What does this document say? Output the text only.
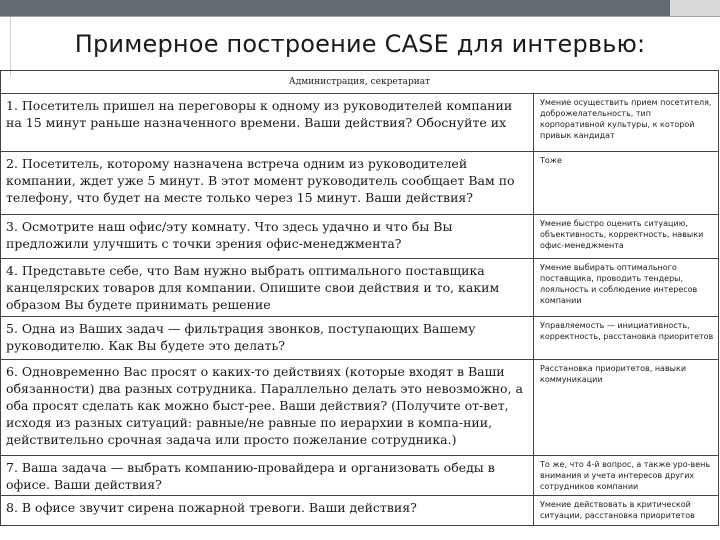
Примерное построение CASE для интервью:
Администрация, секретариат	
1. Посетитель пришел на переговоры к одному из руководителей компании на 15 минут раньше назначенного времени. Ваши действия? Обоснуйте их	Умение осуществить прием посетителя, доброжелательность, тип корпоративной культуры, к которой привык кандидат
2. Посетитель, которому назначена встреча одним из руководителей компании, ждет уже 5 минут. В этот момент руководитель сообщает Вам по телефону, что будет на месте только через 15 минут. Ваши действия?	Тоже
3. Осмотрите наш офис/эту комнату. Что здесь удачно и что бы Вы предложили улучшить с точки зрения офис-менеджмента?	Умение быстро оценить ситуацию, объективность, корректность, навыки офис-менеджмента
4. Представьте себе, что Вам нужно выбрать оптимального поставщика канцелярских товаров для компании. Опишите свои действия и то, каким образом Вы будете принимать решение	Умение выбирать оптимального поставщика, проводить тендеры, лояльность и соблюдение интересов компании
5. Одна из Ваших задач — фильтрация звонков, поступающих Вашему руководителю. Как Вы будете это делать?	Управляемость — инициативность, корректность, расстановка приоритетов
6. Одновременно Вас просят о каких-то действиях (которые входят в Ваши обязанности) два разных сотрудника. Параллельно делать это невозможно, а оба просят сделать как можно быст-рее. Ваши действия? (Получите от-вет, исходя из разных ситуаций: равные/не равные по иерархии в компа-нии, действительно срочная задача или просто пожелание сотрудника.)	Расстановка приоритетов, навыки коммуникации
7. Ваша задача — выбрать компанию-провайдера и организовать обеды в офисе. Ваши действия?	То же, что 4-й вопрос, а также уро-вень внимания и учета интересов других сотрудников компании
8. В офисе звучит сирена пожарной тревоги. Ваши действия?	Умение действовать в критической ситуации, расстановка приоритетов
